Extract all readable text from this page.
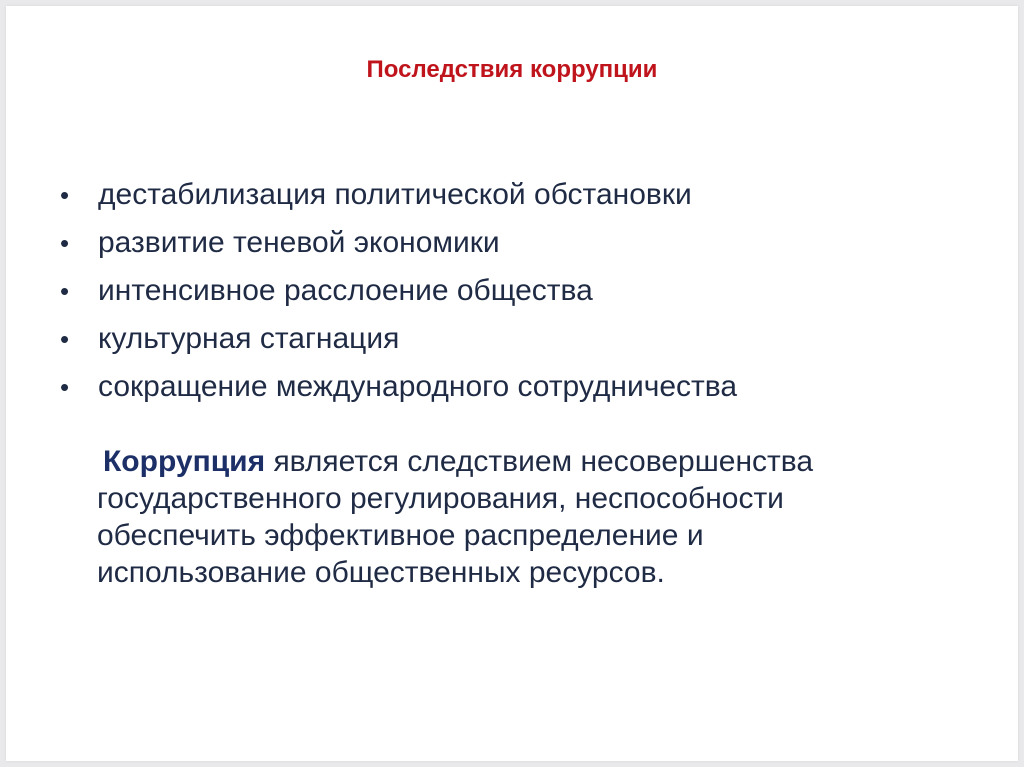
Последствия коррупции
• дестабилизация политической обстановки
• развитие теневой экономики
• интенсивное расслоение общества
• культурная стагнация
• сокращение международного сотрудничества

Коррупция является следствием несовершенства
государственного регулирования, неспособности
обеспечить эффективное распределение и
использование общественных ресурсов.
